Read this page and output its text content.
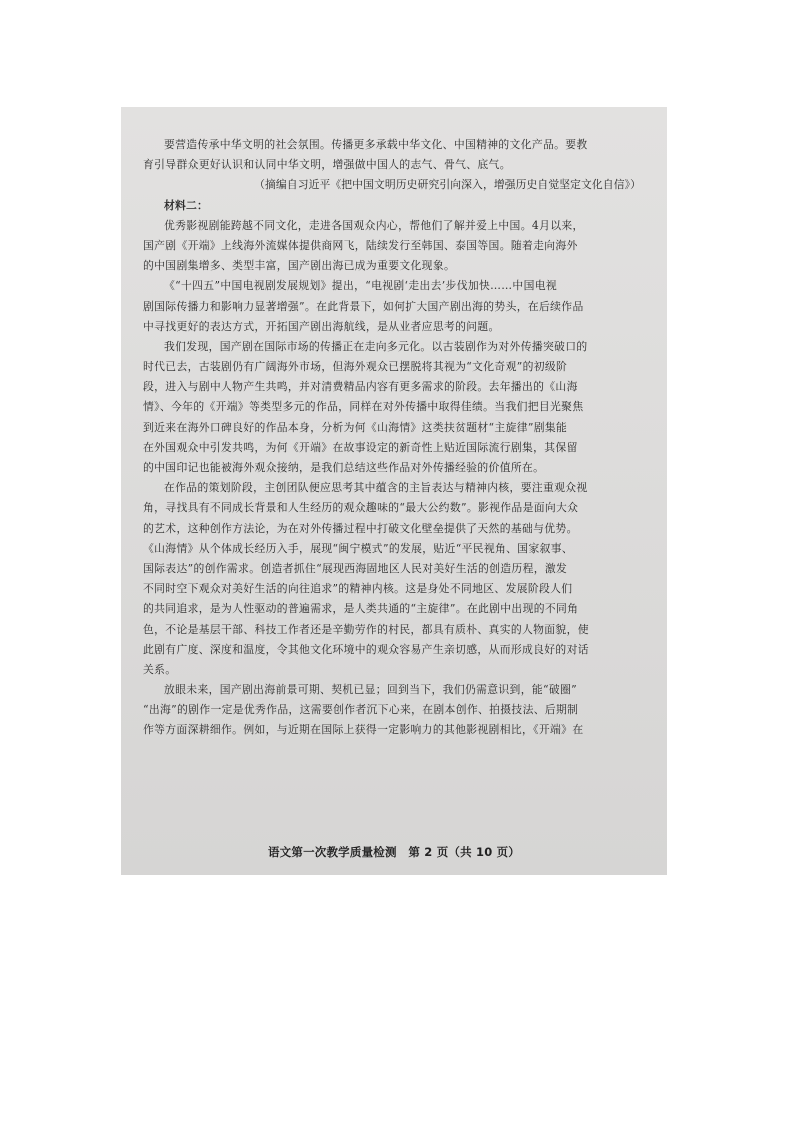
要营造传承中华文明的社会氛围。传播更多承载中华文化、中国精神的文化产品。要教
育引导群众更好认识和认同中华文明，增强做中国人的志气、骨气、底气。
（摘编自习近平《把中国文明历史研究引向深入，增强历史自觉坚定文化自信》）
材料二：
优秀影视剧能跨越不同文化，走进各国观众内心，帮他们了解并爱上中国。4月以来，
国产剧《开端》上线海外流媒体提供商网飞，陆续发行至韩国、泰国等国。随着走向海外
的中国剧集增多、类型丰富，国产剧出海已成为重要文化现象。
《“十四五”中国电视剧发展规划》提出，“电视剧‘走出去’步伐加快……中国电视
剧国际传播力和影响力显著增强”。在此背景下，如何扩大国产剧出海的势头，在后续作品
中寻找更好的表达方式，开拓国产剧出海航线，是从业者应思考的问题。
我们发现，国产剧在国际市场的传播正在走向多元化。以古装剧作为对外传播突破口的
时代已去，古装剧仍有广阔海外市场，但海外观众已摆脱将其视为“文化奇观”的初级阶
段，进入与剧中人物产生共鸣，并对清费精品内容有更多需求的阶段。去年播出的《山海
情》、今年的《开端》等类型多元的作品，同样在对外传播中取得佳绩。当我们把目光聚焦
到近来在海外口碑良好的作品本身，分析为何《山海情》这类扶贫题材“主旋律”剧集能
在外国观众中引发共鸣，为何《开端》在故事设定的新奇性上贴近国际流行剧集，其保留
的中国印记也能被海外观众接纳，是我们总结这些作品对外传播经验的价值所在。
在作品的策划阶段，主创团队便应思考其中蕴含的主旨表达与精神内核，要注重观众视
角，寻找具有不同成长背景和人生经历的观众趣味的“最大公约数”。影视作品是面向大众
的艺术，这种创作方法论，为在对外传播过程中打破文化壁垒提供了天然的基础与优势。
《山海情》从个体成长经历入手，展现“闽宁模式”的发展，贴近“平民视角、国家叙事、
国际表达”的创作需求。创造者抓住“展现西海固地区人民对美好生活的创造历程，激发
不同时空下观众对美好生活的向往追求”的精神内核。这是身处不同地区、发展阶段人们
的共同追求，是为人性驱动的普遍需求，是人类共通的“主旋律”。在此剧中出现的不同角
色，不论是基层干部、科技工作者还是辛勤劳作的村民，都具有质朴、真实的人物面貌，使
此剧有广度、深度和温度，令其他文化环境中的观众容易产生亲切感，从而形成良好的对话
关系。
放眼未来，国产剧出海前景可期、契机已显；回到当下，我们仍需意识到，能“破圈”
“出海”的剧作一定是优秀作品，这需要创作者沉下心来，在剧本创作、拍摄技法、后期制
作等方面深耕细作。例如，与近期在国际上获得一定影响力的其他影视剧相比，《开端》在
语文第一次教学质量检测　第 2 页（共 10 页）
